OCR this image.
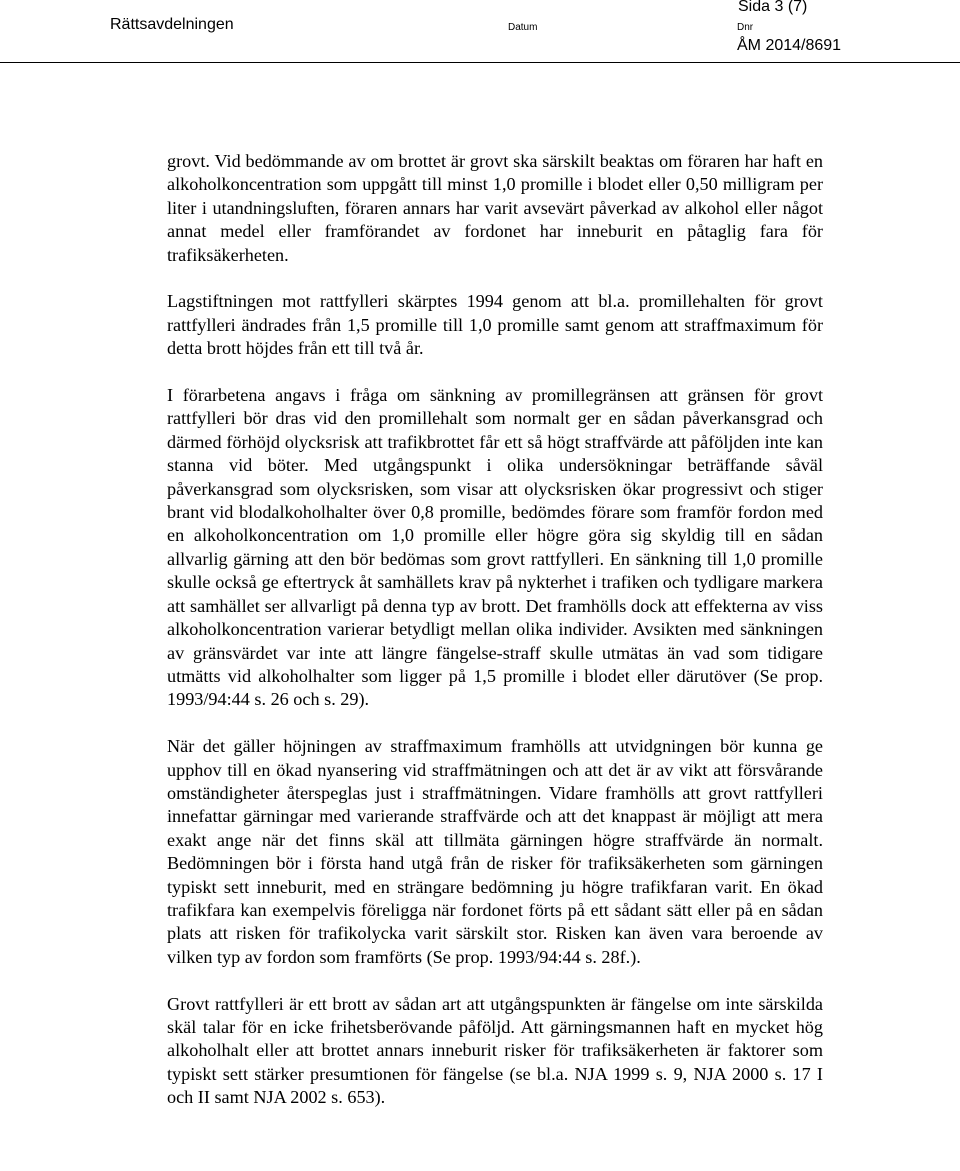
Sida 3 (7)
Rättsavdelningen	Datum	Dnr
ÅM 2014/8691

grovt. Vid bedömmande av om brottet är grovt ska särskilt beaktas om föraren har haft en alkoholkoncentration som uppgått till minst 1,0 promille i blodet eller 0,50 milligram per liter i utandningsluften, föraren annars har varit avsevärt påverkad av alkohol eller något annat medel eller framförandet av fordonet har inneburit en påtaglig fara för trafiksäkerheten.

Lagstiftningen mot rattfylleri skärptes 1994 genom att bl.a. promillehalten för grovt rattfylleri ändrades från 1,5 promille till 1,0 promille samt genom att straffmaximum för detta brott höjdes från ett till två år.

I förarbetena angavs i fråga om sänkning av promillegränsen att gränsen för grovt rattfylleri bör dras vid den promillehalt som normalt ger en sådan påverkansgrad och därmed förhöjd olycksrisk att trafikbrottet får ett så högt straffvärde att påföljden inte kan stanna vid böter. Med utgångspunkt i olika undersökningar beträffande såväl påverkansgrad som olycksrisken, som visar att olycksrisken ökar progressivt och stiger brant vid blodalkoholhalter över 0,8 promille, bedömdes förare som framför fordon med en alkoholkoncentration om 1,0 promille eller högre göra sig skyldig till en sådan allvarlig gärning att den bör bedömas som grovt rattfylleri. En sänkning till 1,0 promille skulle också ge eftertryck åt samhällets krav på nykterhet i trafiken och tydligare markera att samhället ser allvarligt på denna typ av brott. Det framhölls dock att effekterna av viss alkoholkoncentration varierar betydligt mellan olika individer. Avsikten med sänkningen av gränsvärdet var inte att längre fängelse-straff skulle utmätas än vad som tidigare utmätts vid alkoholhalter som ligger på 1,5 promille i blodet eller därutöver (Se prop. 1993/94:44 s. 26 och s. 29).

När det gäller höjningen av straffmaximum framhölls att utvidgningen bör kunna ge upphov till en ökad nyansering vid straffmätningen och att det är av vikt att försvårande omständigheter återspeglas just i straffmätningen. Vidare framhölls att grovt rattfylleri innefattar gärningar med varierande straffvärde och att det knappast är möjligt att mera exakt ange när det finns skäl att tillmäta gärningen högre straffvärde än normalt. Bedömningen bör i första hand utgå från de risker för trafiksäkerheten som gärningen typiskt sett inneburit, med en strängare bedömning ju högre trafikfaran varit. En ökad trafikfara kan exempelvis föreligga när fordonet förts på ett sådant sätt eller på en sådan plats att risken för trafikolycka varit särskilt stor. Risken kan även vara beroende av vilken typ av fordon som framförts (Se prop. 1993/94:44 s. 28f.).

Grovt rattfylleri är ett brott av sådan art att utgångspunkten är fängelse om inte särskilda skäl talar för en icke frihetsberövande påföljd. Att gärningsmannen haft en mycket hög alkoholhalt eller att brottet annars inneburit risker för trafiksäkerheten är faktorer som typiskt sett stärker presumtionen för fängelse (se bl.a. NJA 1999 s. 9, NJA 2000 s. 17 I och II samt NJA 2002 s. 653).
